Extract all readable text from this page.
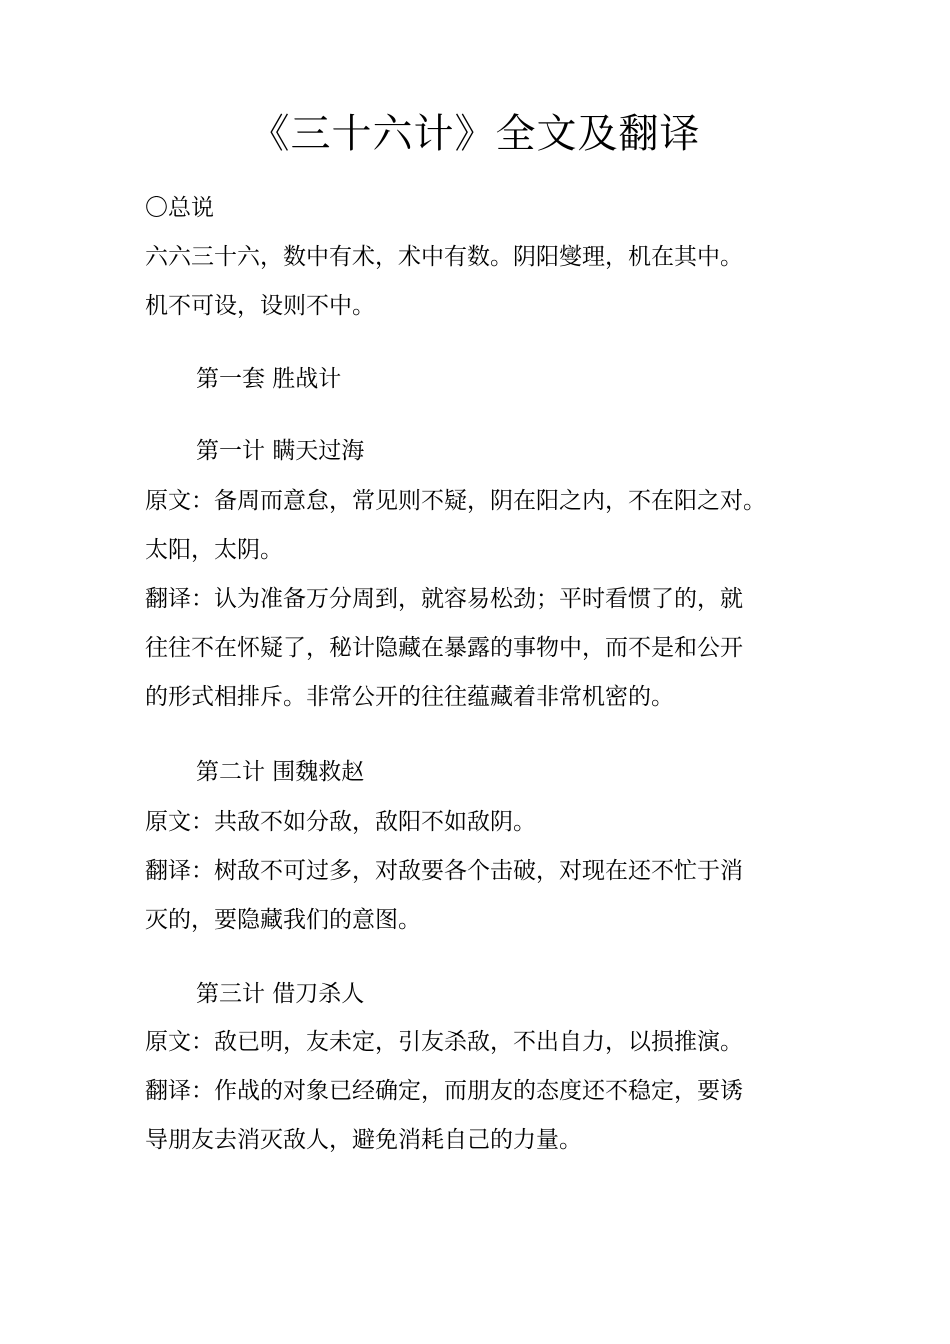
《三十六计》全文及翻译
〇总说
六六三十六，数中有术，术中有数。阴阳燮理，机在其中。
机不可设，设则不中。
第一套 胜战计
第一计 瞒天过海
原文：备周而意怠，常见则不疑，阴在阳之内，不在阳之对。
太阳，太阴。
翻译：认为准备万分周到，就容易松劲；平时看惯了的，就
往往不在怀疑了，秘计隐藏在暴露的事物中，而不是和公开
的形式相排斥。非常公开的往往蕴藏着非常机密的。
第二计 围魏救赵
原文：共敌不如分敌，敌阳不如敌阴。
翻译：树敌不可过多，对敌要各个击破，对现在还不忙于消
灭的，要隐藏我们的意图。
第三计 借刀杀人
原文：敌已明，友未定，引友杀敌，不出自力，以损推演。
翻译：作战的对象已经确定，而朋友的态度还不稳定，要诱
导朋友去消灭敌人，避免消耗自己的力量。
